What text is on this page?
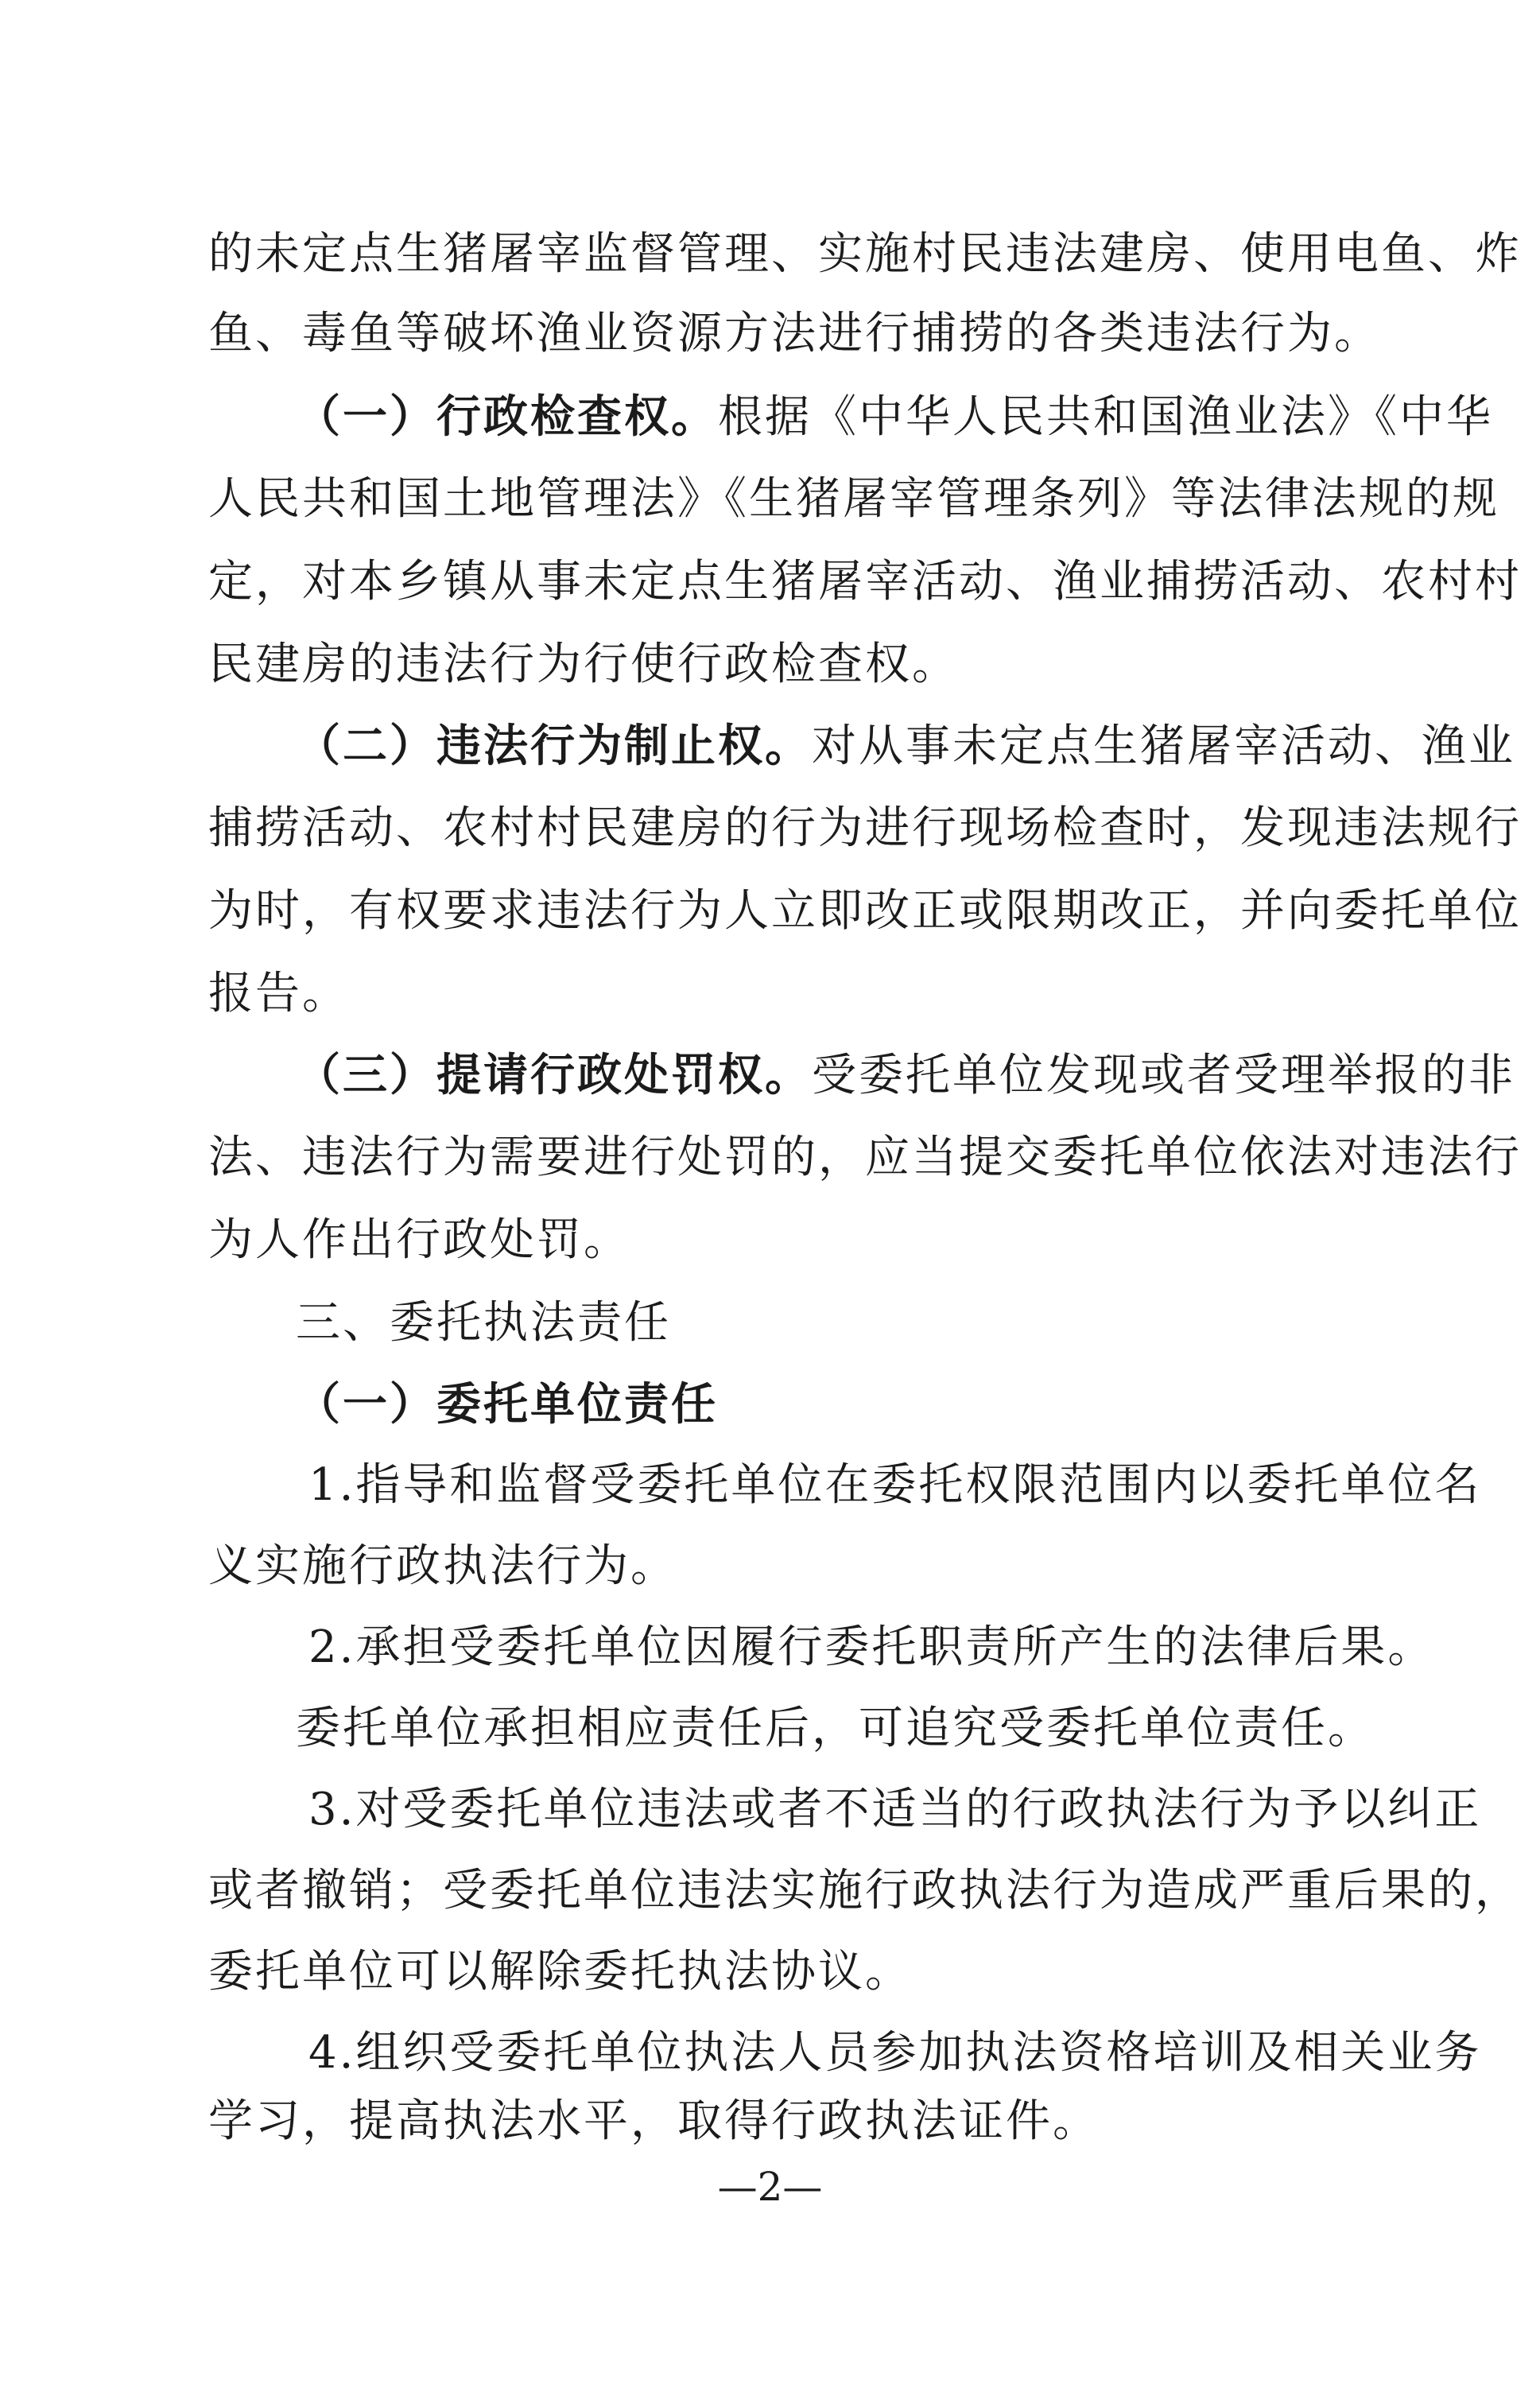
的未定点生猪屠宰监督管理、实施村民违法建房、使用电鱼、炸
鱼、毒鱼等破坏渔业资源方法进行捕捞的各类违法行为。
（一）行政检查权。根据《中华人民共和国渔业法》《中华
人民共和国土地管理法》《生猪屠宰管理条列》等法律法规的规
定，对本乡镇从事未定点生猪屠宰活动、渔业捕捞活动、农村村
民建房的违法行为行使行政检查权。
（二）违法行为制止权。对从事未定点生猪屠宰活动、渔业
捕捞活动、农村村民建房的行为进行现场检查时，发现违法规行
为时，有权要求违法行为人立即改正或限期改正，并向委托单位
报告。
（三）提请行政处罚权。受委托单位发现或者受理举报的非
法、违法行为需要进行处罚的，应当提交委托单位依法对违法行
为人作出行政处罚。
三、委托执法责任
（一）委托单位责任
1.指导和监督受委托单位在委托权限范围内以委托单位名
义实施行政执法行为。
2.承担受委托单位因履行委托职责所产生的法律后果。
委托单位承担相应责任后，可追究受委托单位责任。
3.对受委托单位违法或者不适当的行政执法行为予以纠正
或者撤销；受委托单位违法实施行政执法行为造成严重后果的，
委托单位可以解除委托执法协议。
4.组织受委托单位执法人员参加执法资格培训及相关业务
学习，提高执法水平，取得行政执法证件。
—2—
